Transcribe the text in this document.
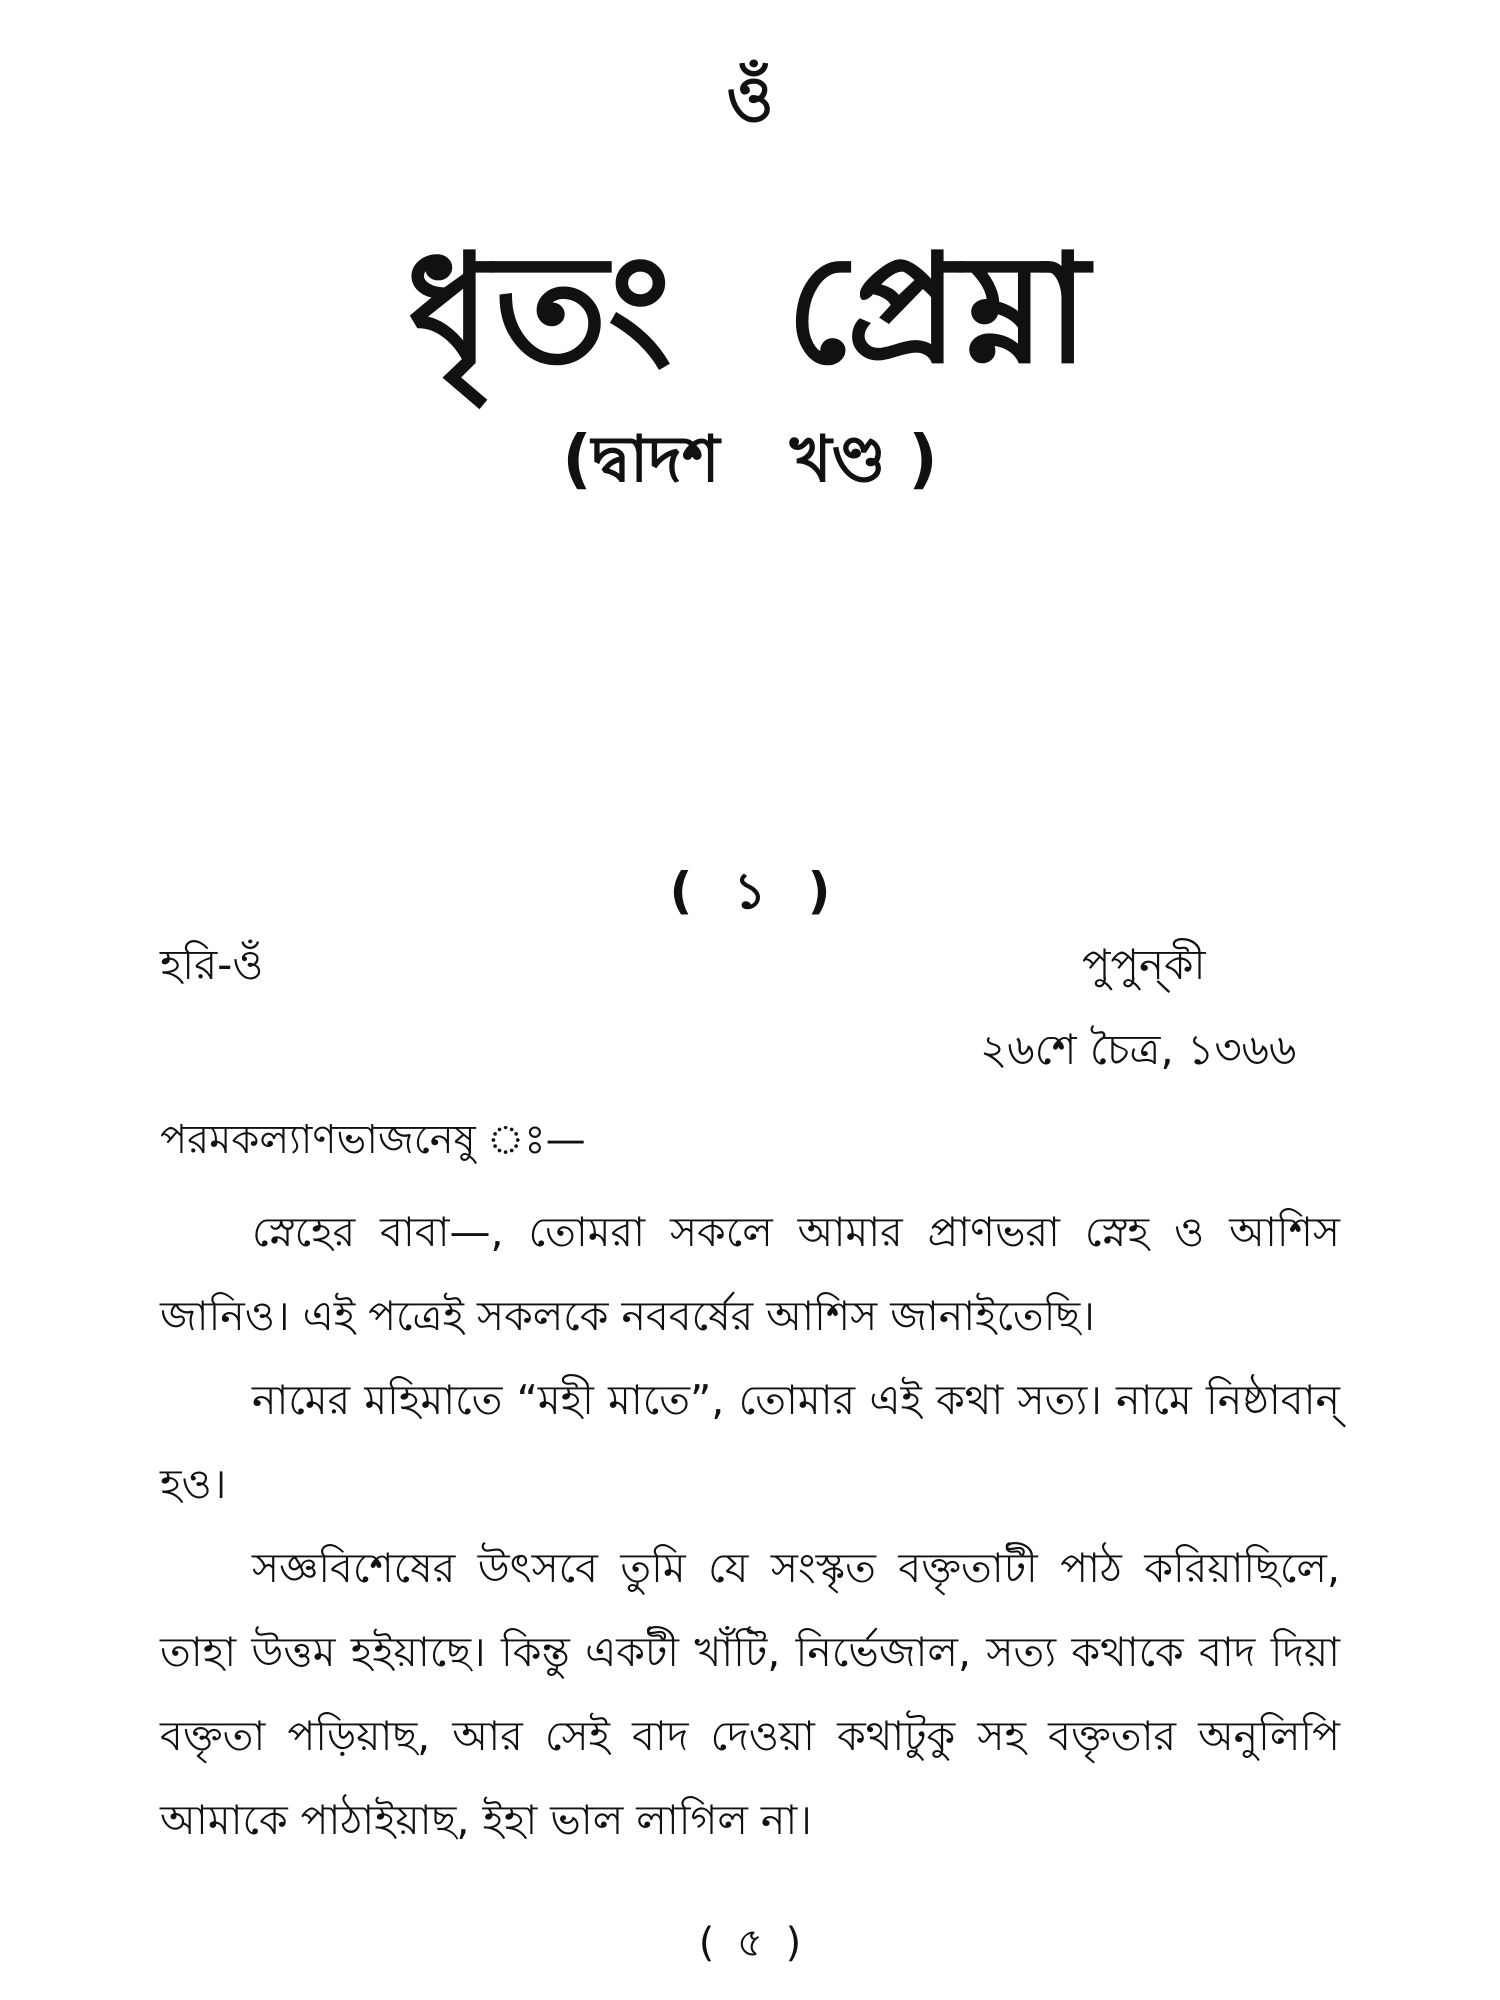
ওঁ
ধৃতং প্রেম্না
(দ্বাদশ খণ্ড )
( ১ )
হরি-ওঁ	পুপুন্‌কী
২৬শে চৈত্র, ১৩৬৬
পরমকল্যাণভাজনেষু ঃ—

স্নেহের বাবা—, তোমরা সকলে আমার প্রাণভরা স্নেহ ও আশিস জানিও। এই পত্রেই সকলকে নববর্ষের আশিস জানাইতেছি।

নামের মহিমাতে “মহী মাতে”, তোমার এই কথা সত্য। নামে নিষ্ঠাবান্ হও।

সজ্ঞবিশেষের উৎসবে তুমি যে সংস্কৃত বক্তৃতাটী পাঠ করিয়াছিলে, তাহা উত্তম হইয়াছে। কিন্তু একটী খাঁটি, নির্ভেজাল, সত্য কথাকে বাদ দিয়া বক্তৃতা পড়িয়াছ, আর সেই বাদ দেওয়া কথাটুকু সহ বক্তৃতার অনুলিপি আমাকে পাঠাইয়াছ, ইহা ভাল লাগিল না।

( ৫ )
